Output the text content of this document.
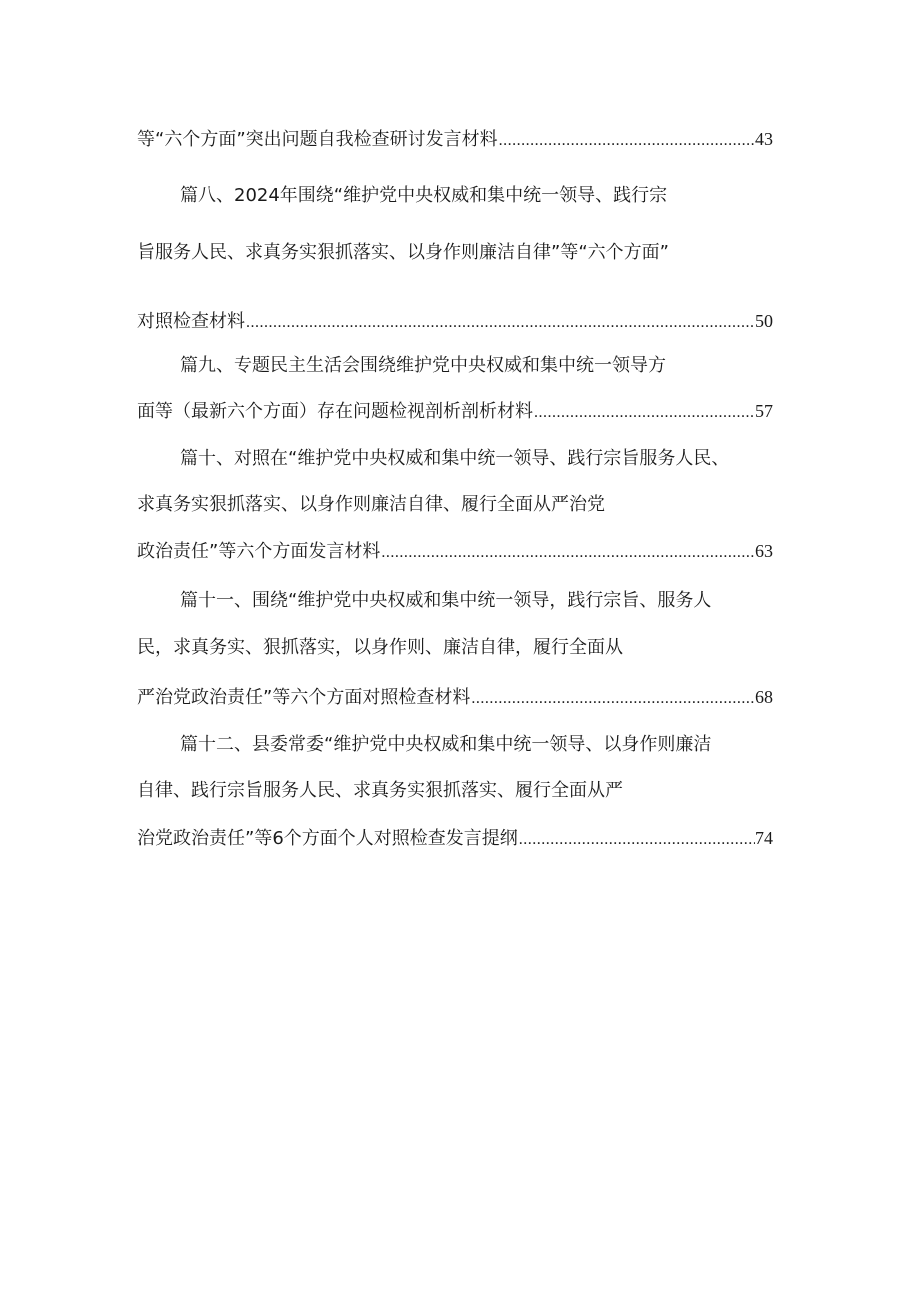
等“六个方面”突出问题自我检查研讨发言材料 .....	43
篇八、2024年围绕“维护党中央权威和集中统一领导、践行宗
旨服务人民、求真务实狠抓落实、以身作则廉洁自律”等“六个方面”
对照检查材料 .....	50
篇九、专题民主生活会围绕维护党中央权威和集中统一领导方
面等（最新六个方面）存在问题检视剖析剖析材料 .....	57
篇十、对照在“维护党中央权威和集中统一领导、践行宗旨服务人民、
求真务实狠抓落实、以身作则廉洁自律、履行全面从严治党
政治责任”等六个方面发言材料 .....	63
篇十一、围绕“维护党中央权威和集中统一领导，践行宗旨、服务人
民，求真务实、狠抓落实，以身作则、廉洁自律，履行全面从
严治党政治责任”等六个方面对照检查材料 .....	68
篇十二、县委常委“维护党中央权威和集中统一领导、以身作则廉洁
自律、践行宗旨服务人民、求真务实狠抓落实、履行全面从严
治党政治责任”等6个方面个人对照检查发言提纲 .....	74
